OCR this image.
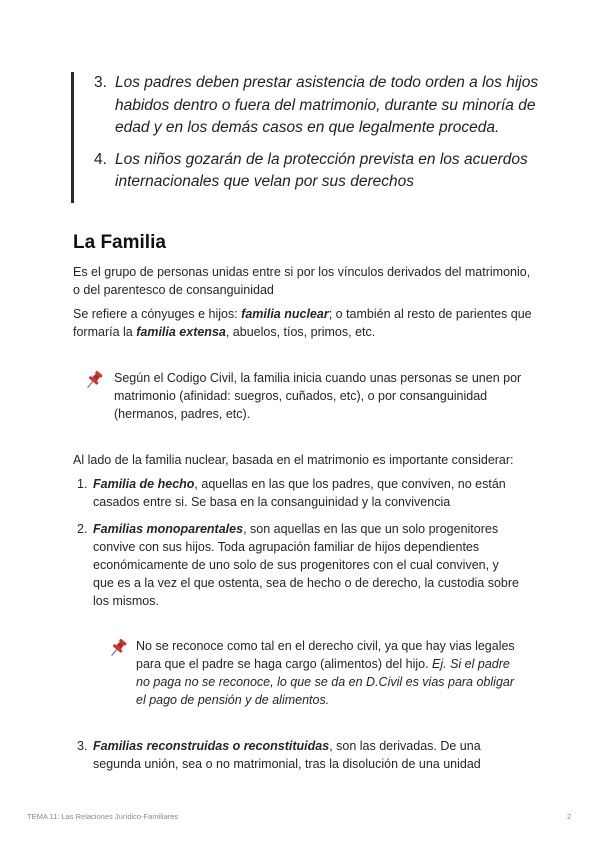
3. Los padres deben prestar asistencia de todo orden a los hijos habidos dentro o fuera del matrimonio, durante su minoría de edad y en los demás casos en que legalmente proceda.
4. Los niños gozarán de la protección prevista en los acuerdos internacionales que velan por sus derechos
La Familia

Es el grupo de personas unidas entre si por los vínculos derivados del matrimonio, o del parentesco de consanguinidad

Se refiere a cónyuges e hijos: familia nuclear; o también al resto de parientes que formaría la familia extensa, abuelos, tíos, primos, etc.

Según el Codigo Civil, la familia inicia cuando unas personas se unen por matrimonio (afinidad: suegros, cuñados, etc), o por consanguinidad (hermanos, padres, etc).

Al lado de la familia nuclear, basada en el matrimonio es importante considerar:

1. Familia de hecho, aquellas en las que los padres, que conviven, no están casados entre si. Se basa en la consanguinidad y la convivencia
2. Familias monoparentales, son aquellas en las que un solo progenitores convive con sus hijos. Toda agrupación familiar de hijos dependientes económicamente de uno solo de sus progenitores con el cual conviven, y que es a la vez el que ostenta, sea de hecho o de derecho, la custodia sobre los mismos.
No se reconoce como tal en el derecho civil, ya que hay vias legales para que el padre se haga cargo (alimentos) del hijo. Ej. Si el padre no paga no se reconoce, lo que se da en D.Civil es vias para obligar el pago de pensión y de alimentos.
3. Familias reconstruidas o reconstituidas, son las derivadas. De una segunda unión, sea o no matrimonial, tras la disolución de una unidad
TEMA 11: Las Relaciones Jurídico-Familiares	2
